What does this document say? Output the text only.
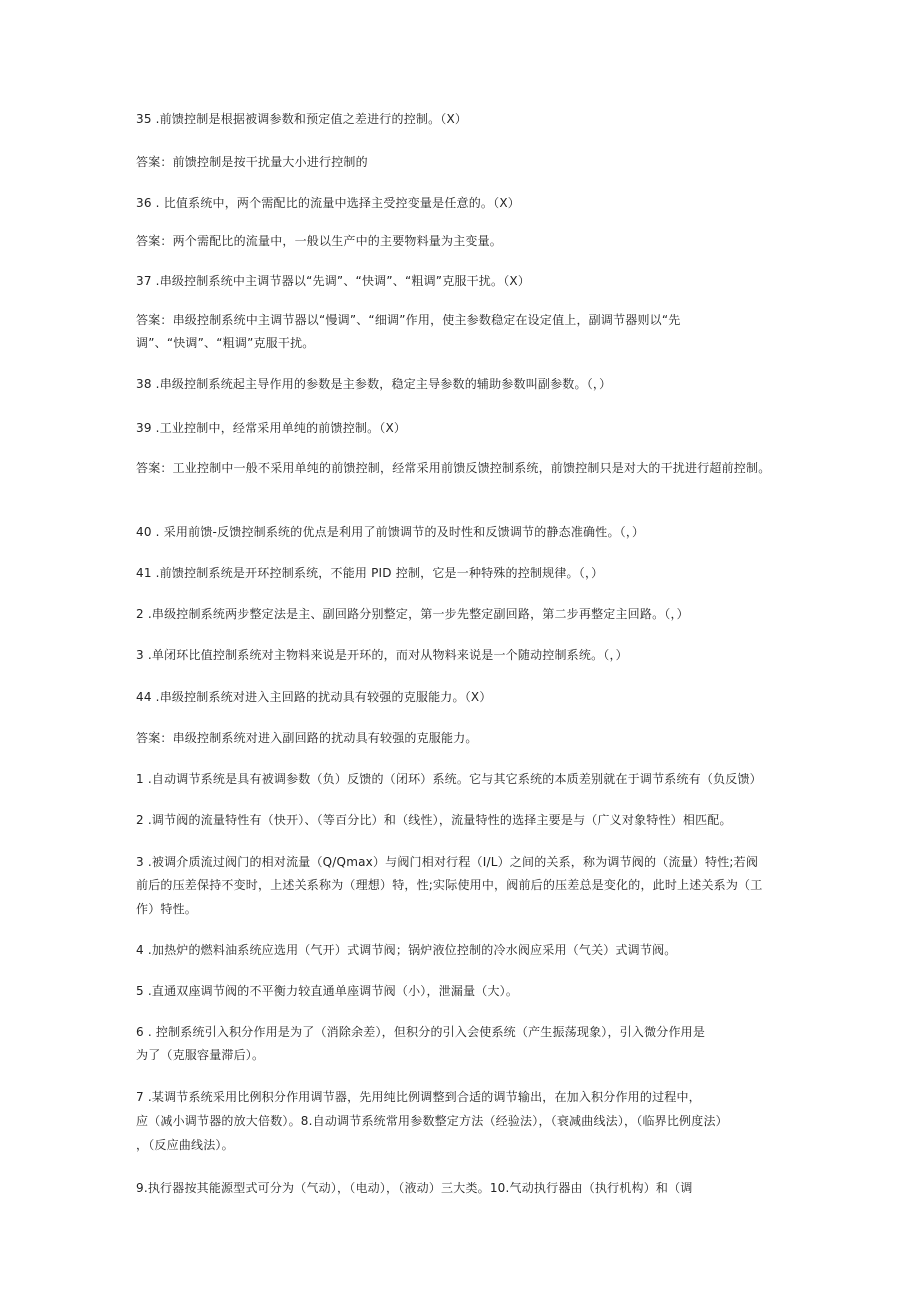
35 .前馈控制是根据被调参数和预定值之差进行的控制。（X）
答案：前馈控制是按干扰量大小进行控制的
36 . 比值系统中，两个需配比的流量中选择主受控变量是任意的。（X）
答案：两个需配比的流量中，一般以生产中的主要物料量为主变量。
37 .串级控制系统中主调节器以“先调”、“快调”、“粗调”克服干扰。（X）
答案：串级控制系统中主调节器以“慢调”、“细调”作用，使主参数稳定在设定值上，副调节器则以“先
调”、“快调”、“粗调”克服干扰。
38 .串级控制系统起主导作用的参数是主参数，稳定主导参数的辅助参数叫副参数。（，）
39 .工业控制中，经常采用单纯的前馈控制。（X）
答案：工业控制中一般不采用单纯的前馈控制，经常采用前馈反馈控制系统，前馈控制只是对大的干扰进行超前控制。
40 . 采用前馈-反馈控制系统的优点是利用了前馈调节的及时性和反馈调节的静态准确性。（，）
41 .前馈控制系统是开环控制系统，不能用 PID 控制，它是一种特殊的控制规律。（，）
2 .串级控制系统两步整定法是主、副回路分别整定，第一步先整定副回路，第二步再整定主回路。（，）
3 .单闭环比值控制系统对主物料来说是开环的，而对从物料来说是一个随动控制系统。（，）
44 .串级控制系统对进入主回路的扰动具有较强的克服能力。（X）
答案：串级控制系统对进入副回路的扰动具有较强的克服能力。
1 .自动调节系统是具有被调参数（负）反馈的（闭环）系统。它与其它系统的本质差别就在于调节系统有（负反馈）
2 .调节阀的流量特性有（快开）、（等百分比）和（线性），流量特性的选择主要是与（广义对象特性）相匹配。
3 .被调介质流过阀门的相对流量（Q/Qmax）与阀门相对行程（I/L）之间的关系，称为调节阀的（流量）特性;若阀
前后的压差保持不变时，上述关系称为（理想）特，性;实际使用中，阀前后的压差总是变化的，此时上述关系为（工
作）特性。
4 .加热炉的燃料油系统应选用（气开）式调节阀；锅炉液位控制的冷水阀应采用（气关）式调节阀。
5 .直通双座调节阀的不平衡力较直通单座调节阀（小），泄漏量（大）。
6 . 控制系统引入积分作用是为了（消除余差），但积分的引入会使系统（产生振荡现象），引入微分作用是
为了（克服容量滞后）。
7 .某调节系统采用比例积分作用调节器，先用纯比例调整到合适的调节输出，在加入积分作用的过程中，
应（减小调节器的放大倍数）。8.自动调节系统常用参数整定方法（经验法），（衰减曲线法），（临界比例度法）
，（反应曲线法）。
9.执行器按其能源型式可分为（气动），（电动），（液动）三大类。10.气动执行器由（执行机构）和（调
